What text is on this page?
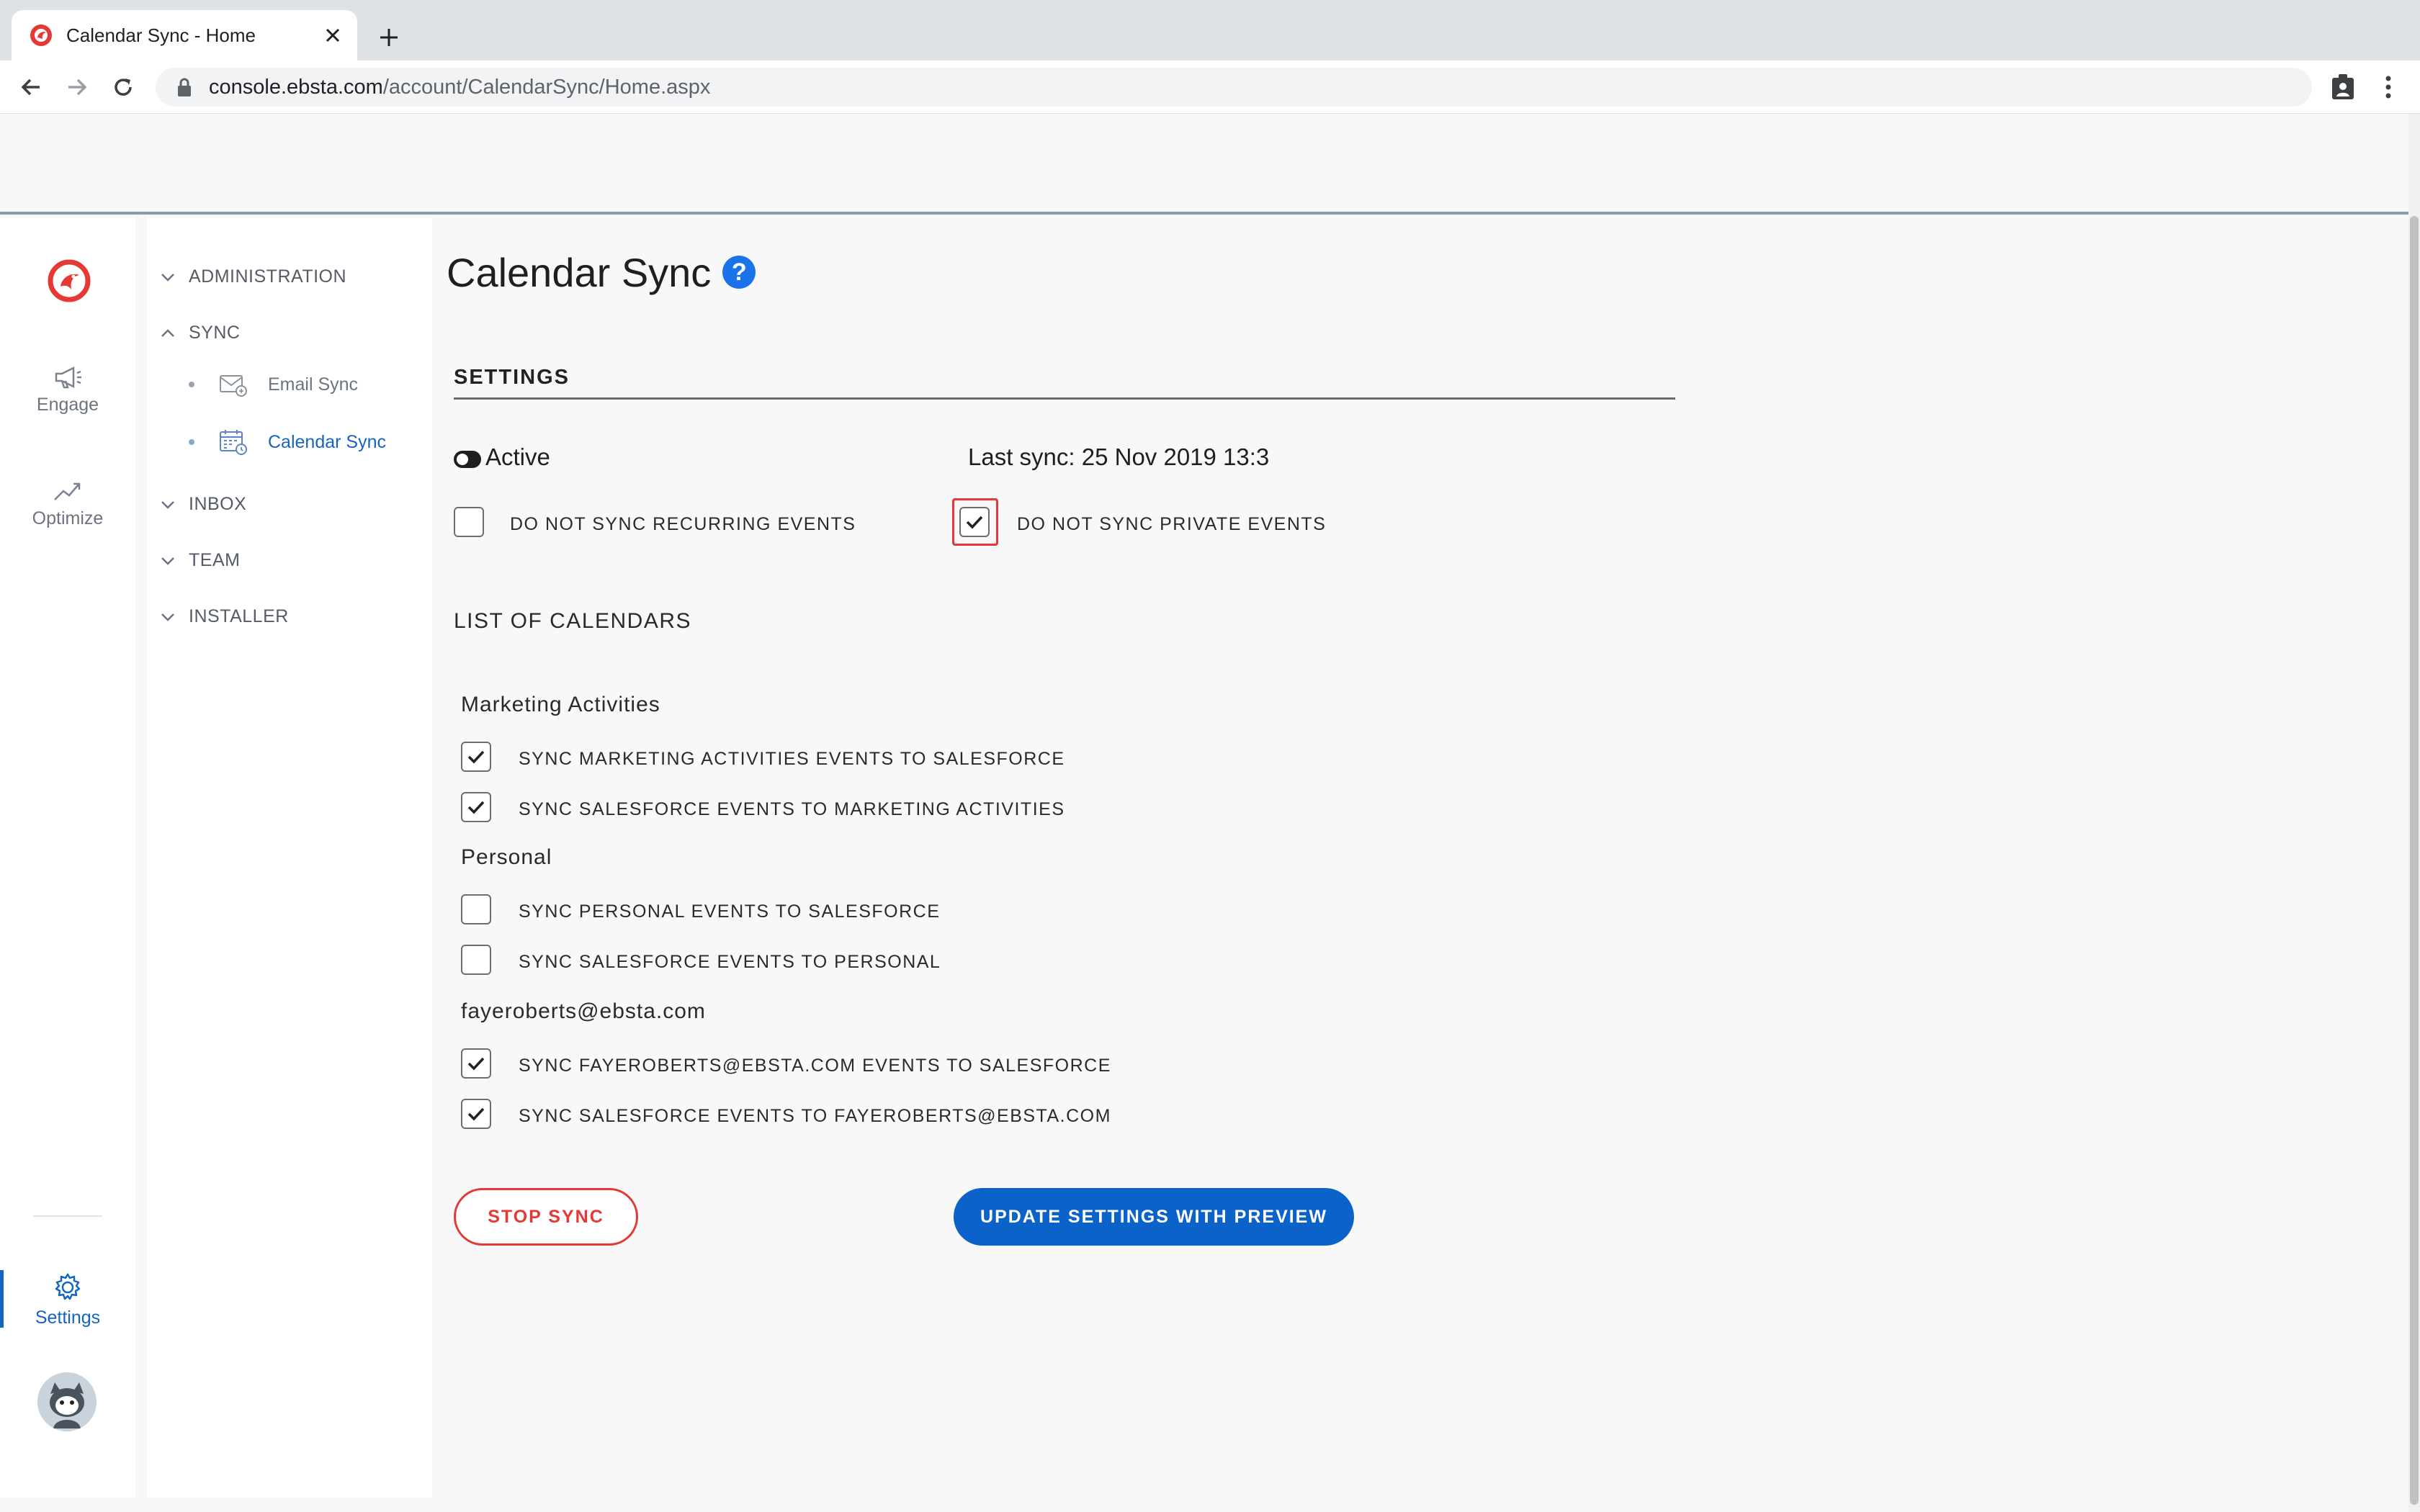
Calendar Sync - Home
console.ebsta.com/account/CalendarSync/Home.aspx
Engage
Optimize
Settings
ADMINISTRATION
SYNC
Email Sync
Calendar Sync
INBOX
TEAM
INSTALLER
Calendar Sync ?
SETTINGS
Active	Last sync: 25 Nov 2019 13:3
DO NOT SYNC RECURRING EVENTS	DO NOT SYNC PRIVATE EVENTS
LIST OF CALENDARS
Marketing Activities
SYNC MARKETING ACTIVITIES EVENTS TO SALESFORCE
SYNC SALESFORCE EVENTS TO MARKETING ACTIVITIES
Personal
SYNC PERSONAL EVENTS TO SALESFORCE
SYNC SALESFORCE EVENTS TO PERSONAL
fayeroberts@ebsta.com
SYNC FAYEROBERTS@EBSTA.COM EVENTS TO SALESFORCE
SYNC SALESFORCE EVENTS TO FAYEROBERTS@EBSTA.COM
STOP SYNC	UPDATE SETTINGS WITH PREVIEW
